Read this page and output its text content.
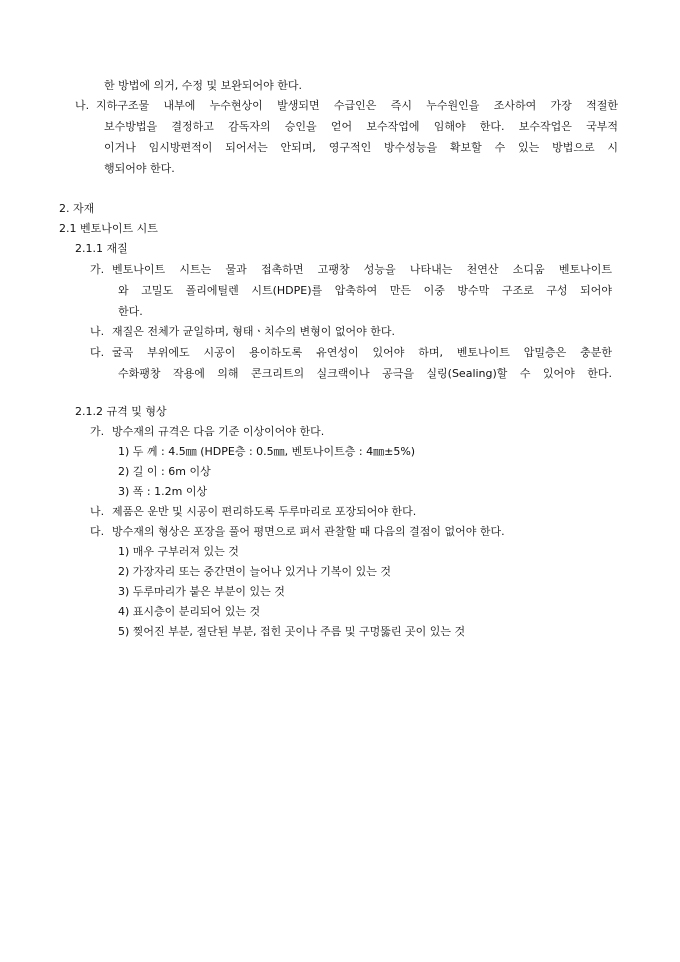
한 방법에 의거, 수정 및 보완되어야 한다.
나. 지하구조물 내부에 누수현상이 발생되면 수급인은 즉시 누수원인을 조사하여 가장 적절한
보수방법을 결정하고 감독자의 승인을 얻어 보수작업에 임해야 한다. 보수작업은 국부적
이거나 임시방편적이 되어서는 안되며, 영구적인 방수성능을 확보할 수 있는 방법으로 시
행되어야 한다.
2. 자재
2.1 벤토나이트 시트
2.1.1 재질
가. 벤토나이트 시트는 물과 접촉하면 고팽창 성능을 나타내는 천연산 소디움 벤토나이트
와 고밀도 폴리에틸렌 시트(HDPE)를 압축하여 만든 이중 방수막 구조로 구성 되어야
한다.
나. 재질은 전체가 균일하며, 형태ㆍ치수의 변형이 없어야 한다.
다. 굴곡 부위에도 시공이 용이하도록 유연성이 있어야 하며, 벤토나이트 압밀층은 충분한
수화팽창 작용에 의해 콘크리트의 실크랙이나 공극을 실링(Sealing)할 수 있어야 한다.
2.1.2 규격 및 형상
가. 방수재의 규격은 다음 기준 이상이어야 한다.
1) 두 께 : 4.5㎜ (HDPE층 : 0.5㎜, 벤토나이트층 : 4㎜±5%)
2) 길 이 : 6m 이상
3) 폭 : 1.2m 이상
나. 제품은 운반 및 시공이 편리하도록 두루마리로 포장되어야 한다.
다. 방수재의 형상은 포장을 풀어 평면으로 펴서 관찰할 때 다음의 결점이 없어야 한다.
1) 매우 구부러져 있는 것
2) 가장자리 또는 중간면이 늘어나 있거나 기복이 있는 것
3) 두루마리가 붙은 부분이 있는 것
4) 표시층이 분리되어 있는 것
5) 찢어진 부분, 절단된 부분, 접힌 곳이나 주름 및 구멍뚫린 곳이 있는 것
